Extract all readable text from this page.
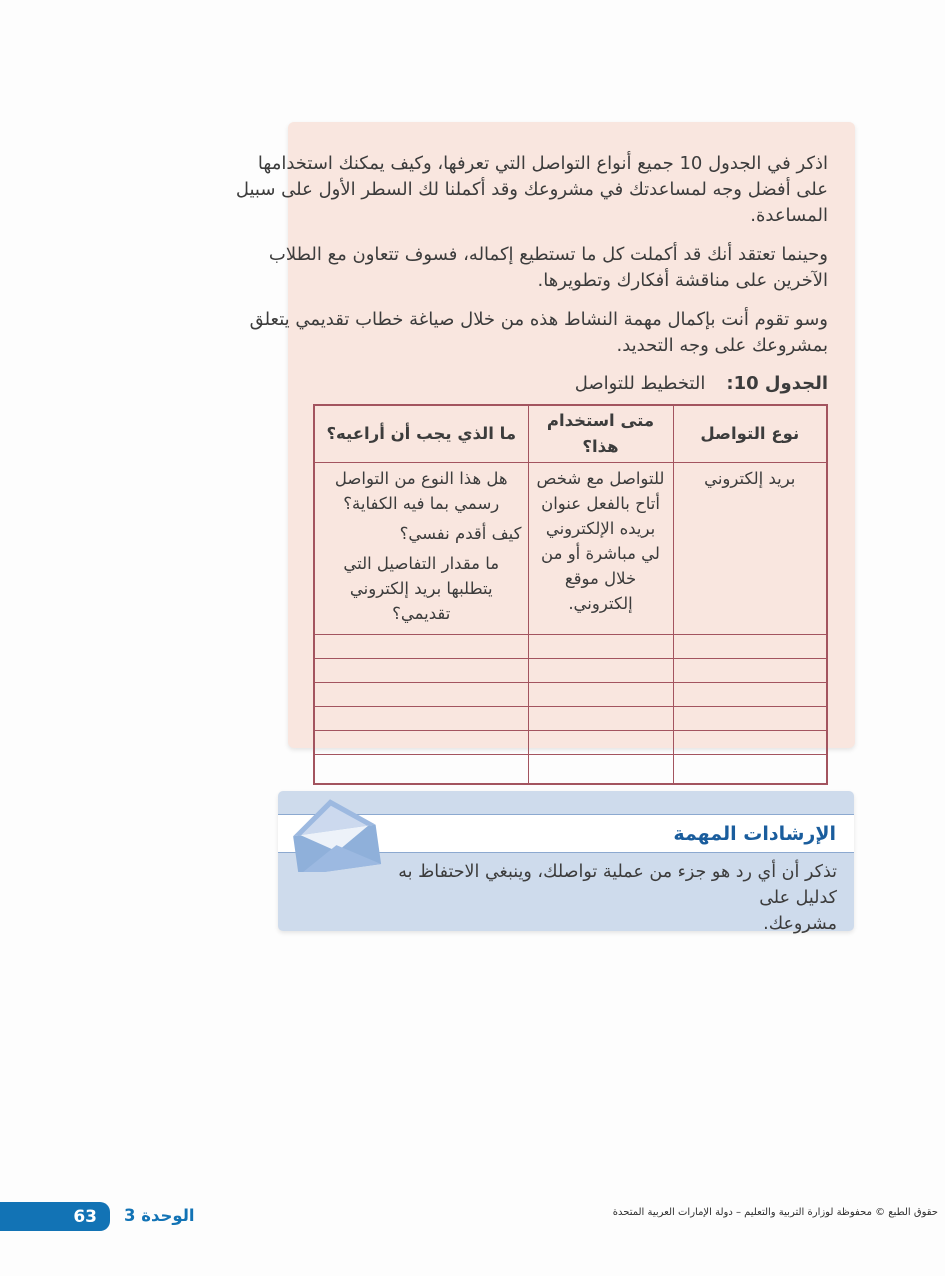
اذكر في الجدول 10 جميع أنواع التواصل التي تعرفها، وكيف يمكنك استخدامها
على أفضل وجه لمساعدتك في مشروعك وقد أكملنا لك السطر الأول على سبيل
المساعدة.
وحينما تعتقد أنك قد أكملت كل ما تستطيع إكماله، فسوف تتعاون مع الطلاب
الآخرين على مناقشة أفكارك وتطويرها.
وسو تقوم أنت بإكمال مهمة النشاط هذه من خلال صياغة خطاب تقديمي يتعلق
بمشروعك على وجه التحديد.
الجدول 10:التخطيط للتواصل
نوع التواصل	متى استخدام هذا؟	ما الذي يجب أن أراعيه؟
بريد إلكتروني	للتواصل مع شخص أتاح بالفعل عنوان بريده الإلكتروني لي مباشرة أو من خلال موقع إلكتروني.	هل هذا النوع من التواصل رسمي بما فيه الكفاية؟
كيف أقدم نفسي؟
ما مقدار التفاصيل التي يتطلبها بريد إلكتروني تقديمي؟

الإرشادات المهمة
تذكر أن أي رد هو جزء من عملية تواصلك، وينبغي الاحتفاظ به كدليل على
مشروعك.
63 الوحدة 3	حقوق الطبع © محفوظة لوزارة التربية والتعليم – دولة الإمارات العربية المتحدة
